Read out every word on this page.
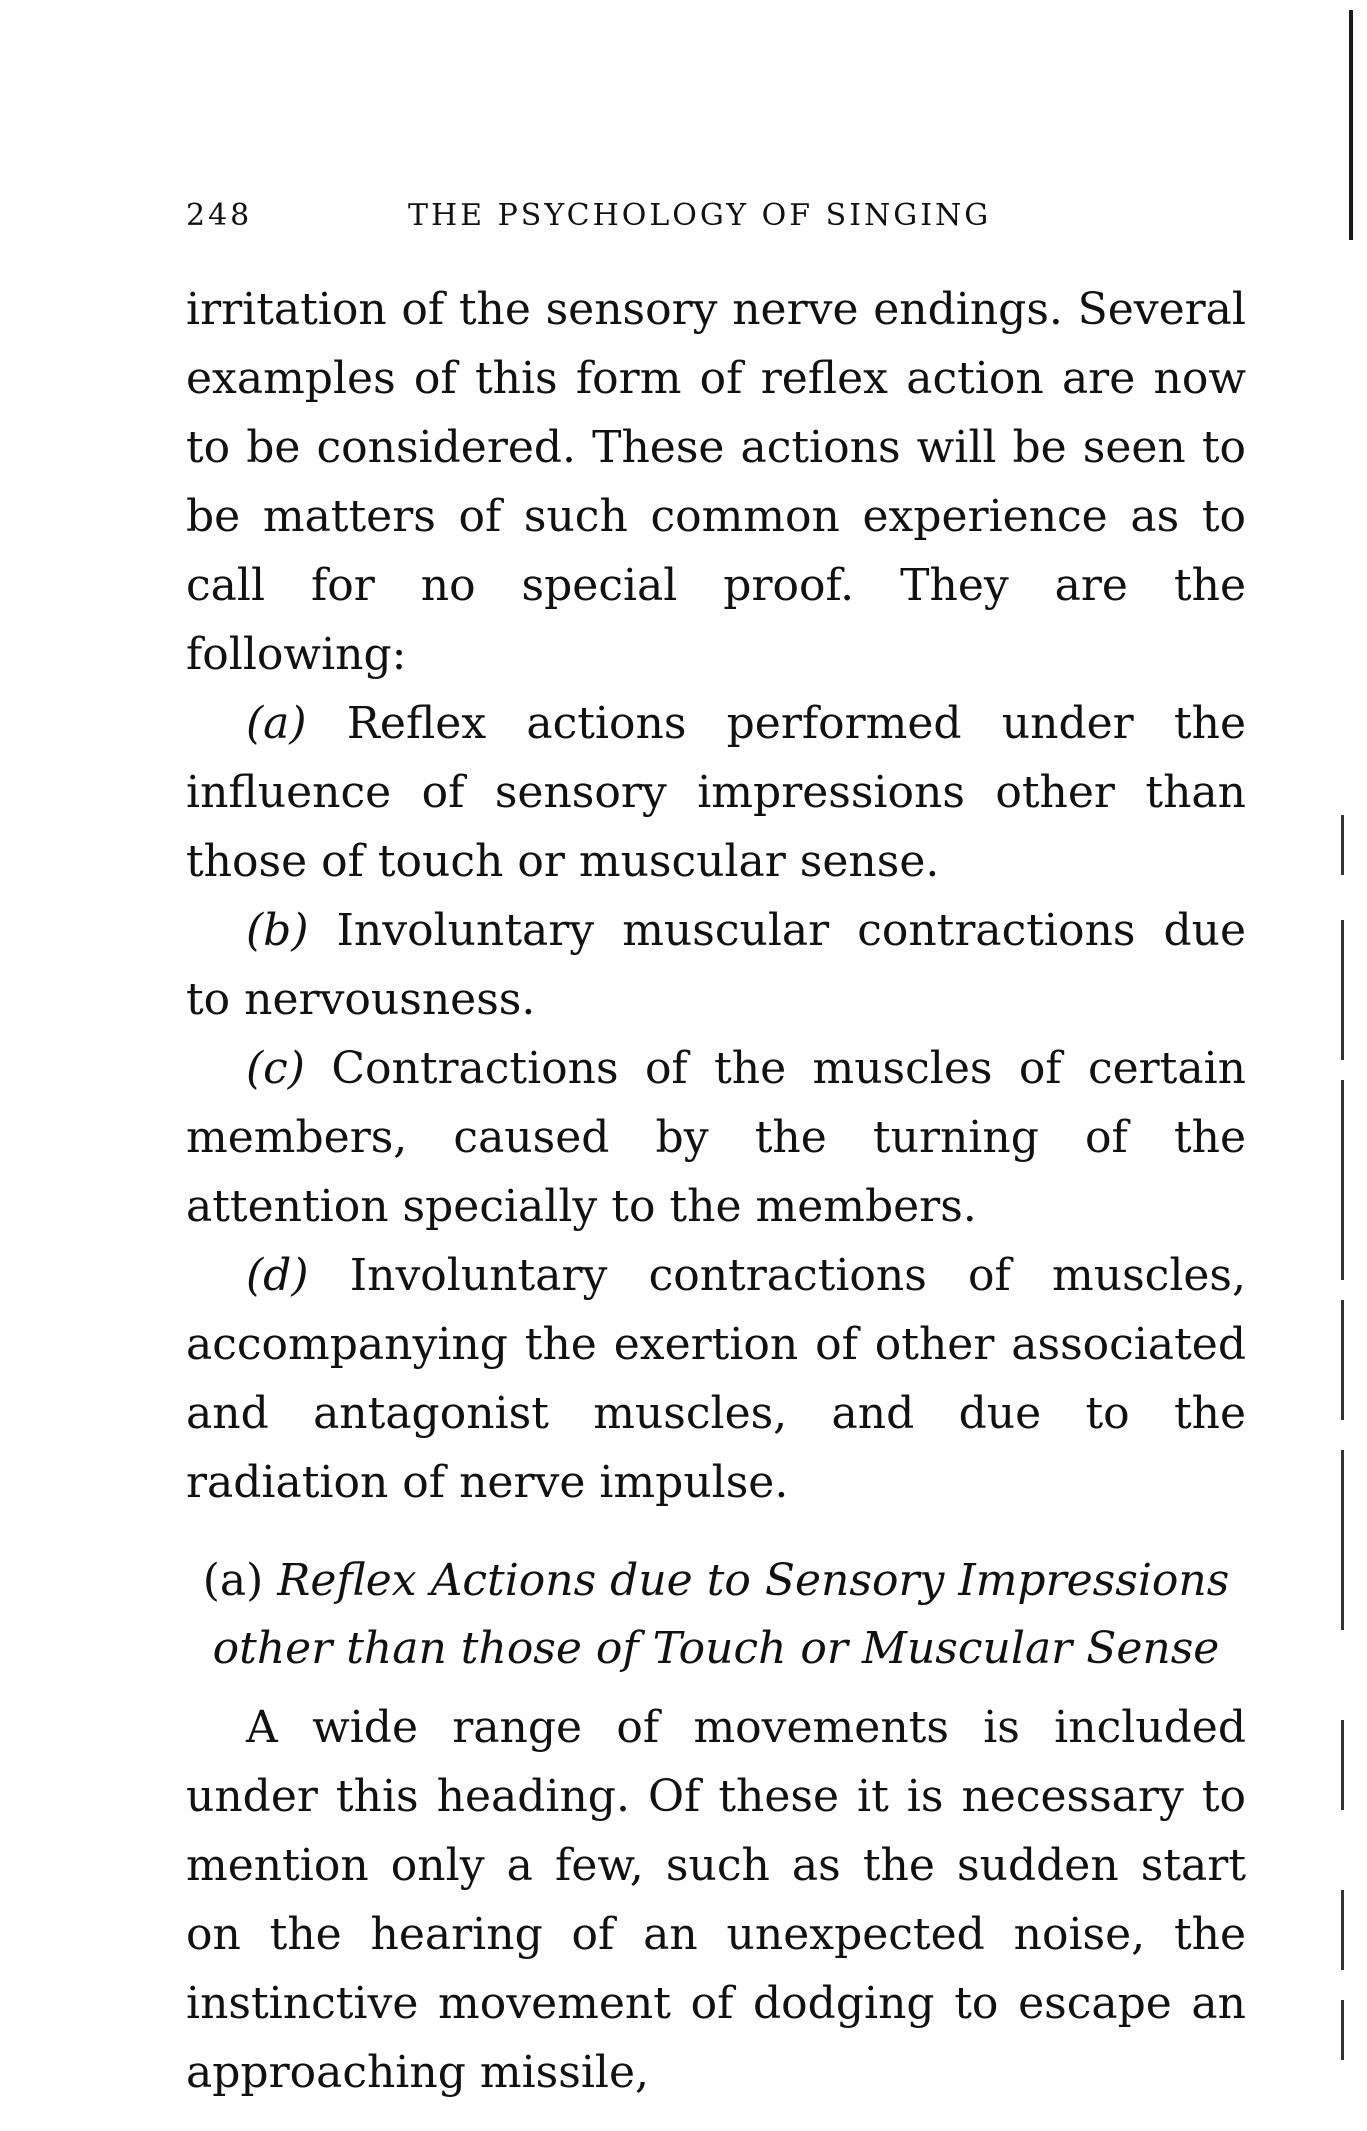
248	THE PSYCHOLOGY OF SINGING

irritation of the sensory nerve endings. Several examples of this form of reflex action are now to be considered. These actions will be seen to be matters of such common experience as to call for no special proof. They are the following:

(a) Reflex actions performed under the influence of sensory impressions other than those of touch or muscular sense.

(b) Involuntary muscular contractions due to nervousness.

(c) Contractions of the muscles of certain members, caused by the turning of the attention specially to the members.

(d) Involuntary contractions of muscles, accompanying the exertion of other associated and antagonist muscles, and due to the radiation of nerve impulse.

(a) Reflex Actions due to Sensory Impressions
other than those of Touch or Muscular Sense

A wide range of movements is included under this heading. Of these it is necessary to mention only a few, such as the sudden start on the hearing of an unexpected noise, the instinctive movement of dodging to escape an approaching missile,
